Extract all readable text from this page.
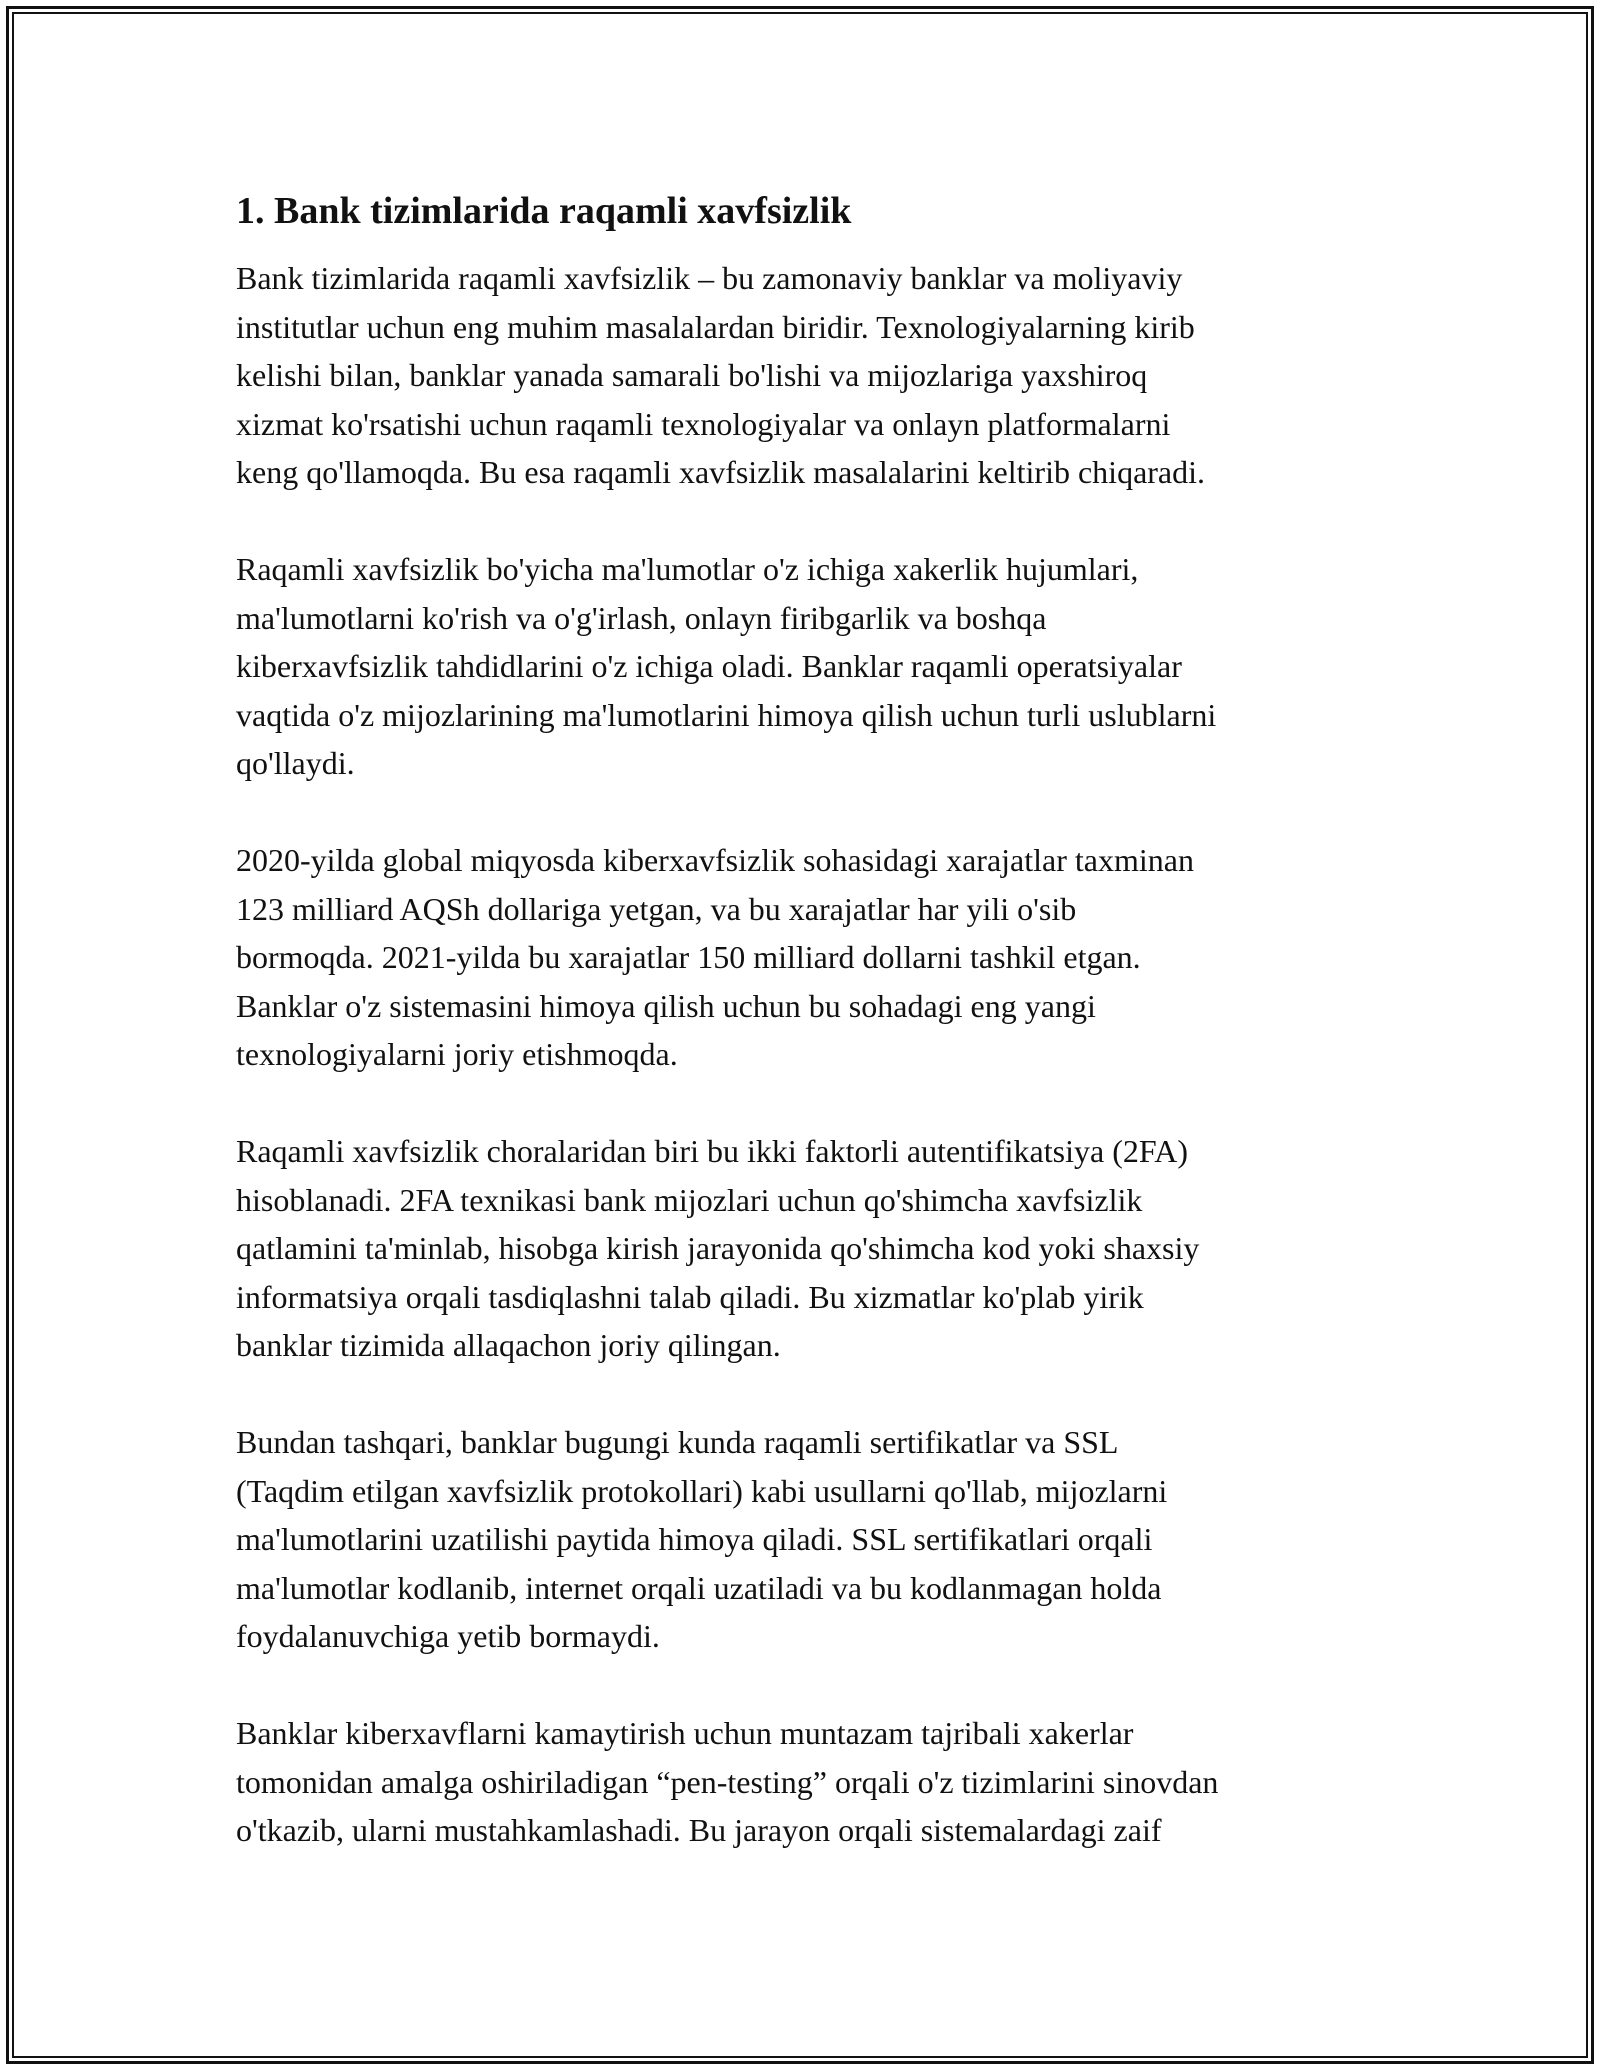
1. Bank tizimlarida raqamli xavfsizlik

Bank tizimlarida raqamli xavfsizlik – bu zamonaviy banklar va moliyaviy
institutlar uchun eng muhim masalalardan biridir. Texnologiyalarning kirib
kelishi bilan, banklar yanada samarali bo'lishi va mijozlariga yaxshiroq
xizmat ko'rsatishi uchun raqamli texnologiyalar va onlayn platformalarni
keng qo'llamoqda. Bu esa raqamli xavfsizlik masalalarini keltirib chiqaradi.

Raqamli xavfsizlik bo'yicha ma'lumotlar o'z ichiga xakerlik hujumlari,
ma'lumotlarni ko'rish va o'g'irlash, onlayn firibgarlik va boshqa
kiberxavfsizlik tahdidlarini o'z ichiga oladi. Banklar raqamli operatsiyalar
vaqtida o'z mijozlarining ma'lumotlarini himoya qilish uchun turli uslublarni
qo'llaydi.

2020-yilda global miqyosda kiberxavfsizlik sohasidagi xarajatlar taxminan
123 milliard AQSh dollariga yetgan, va bu xarajatlar har yili o'sib
bormoqda. 2021-yilda bu xarajatlar 150 milliard dollarni tashkil etgan.
Banklar o'z sistemasini himoya qilish uchun bu sohadagi eng yangi
texnologiyalarni joriy etishmoqda.

Raqamli xavfsizlik choralaridan biri bu ikki faktorli autentifikatsiya (2FA)
hisoblanadi. 2FA texnikasi bank mijozlari uchun qo'shimcha xavfsizlik
qatlamini ta'minlab, hisobga kirish jarayonida qo'shimcha kod yoki shaxsiy
informatsiya orqali tasdiqlashni talab qiladi. Bu xizmatlar ko'plab yirik
banklar tizimida allaqachon joriy qilingan.

Bundan tashqari, banklar bugungi kunda raqamli sertifikatlar va SSL
(Taqdim etilgan xavfsizlik protokollari) kabi usullarni qo'llab, mijozlarni
ma'lumotlarini uzatilishi paytida himoya qiladi. SSL sertifikatlari orqali
ma'lumotlar kodlanib, internet orqali uzatiladi va bu kodlanmagan holda
foydalanuvchiga yetib bormaydi.

Banklar kiberxavflarni kamaytirish uchun muntazam tajribali xakerlar
tomonidan amalga oshiriladigan “pen-testing” orqali o'z tizimlarini sinovdan
o'tkazib, ularni mustahkamlashadi. Bu jarayon orqali sistemalardagi zaif
